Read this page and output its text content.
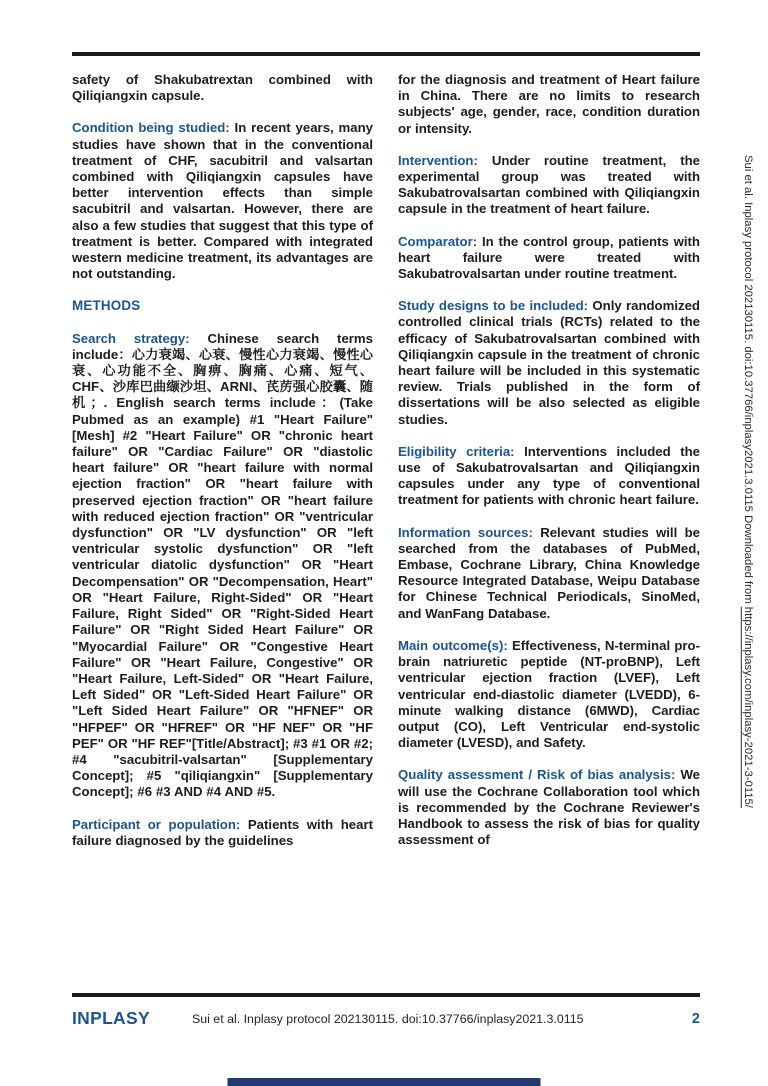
safety of Shakubatrextan combined with Qiliqiangxin capsule.

Condition being studied: In recent years, many studies have shown that in the conventional treatment of CHF, sacubitril and valsartan combined with Qiliqiangxin capsules have better intervention effects than simple sacubitril and valsartan. However, there are also a few studies that suggest that this type of treatment is better. Compared with integrated western medicine treatment, its advantages are not outstanding.

METHODS

Search strategy: Chinese search terms include：心力衰竭、心衰、慢性心力衰竭、慢性心衰、心功能不全、胸痹、胸痛、心痛、短气、CHF、沙库巴曲缬沙坦、ARNI、芪苈强心胶囊、随机；. English search terms include：(Take Pubmed as an example) #1 "Heart Failure"[Mesh] #2 "Heart Failure" OR "chronic heart failure" OR "Cardiac Failure" OR "diastolic heart failure" OR "heart failure with normal ejection fraction" OR "heart failure with preserved ejection fraction" OR "heart failure with reduced ejection fraction" OR "ventricular dysfunction" OR "LV dysfunction" OR "left ventricular systolic dysfunction" OR "left ventricular diatolic dysfunction" OR "Heart Decompensation" OR "Decompensation, Heart" OR "Heart Failure, Right-Sided" OR "Heart Failure, Right Sided" OR "Right-Sided Heart Failure" OR "Right Sided Heart Failure" OR "Myocardial Failure" OR "Congestive Heart Failure" OR "Heart Failure, Congestive" OR "Heart Failure, Left-Sided" OR "Heart Failure, Left Sided" OR "Left-Sided Heart Failure" OR "Left Sided Heart Failure" OR "HFNEF" OR "HFPEF" OR "HFREF" OR "HF NEF" OR "HF PEF" OR "HF REF"[Title/Abstract]; #3 #1 OR #2; #4 "sacubitril-valsartan" [Supplementary Concept]; #5 "qiliqiangxin" [Supplementary Concept]; #6 #3 AND #4 AND #5.

Participant or population: Patients with heart failure diagnosed by the guidelines

for the diagnosis and treatment of Heart failure in China. There are no limits to research subjects' age, gender, race, condition duration or intensity.

Intervention: Under routine treatment, the experimental group was treated with Sakubatrovalsartan combined with Qiliqiangxin capsule in the treatment of heart failure.

Comparator: In the control group, patients with heart failure were treated with Sakubatrovalsartan under routine treatment.

Study designs to be included: Only randomized controlled clinical trials (RCTs) related to the efficacy of Sakubatrovalsartan combined with Qiliqiangxin capsule in the treatment of chronic heart failure will be included in this systematic review. Trials published in the form of dissertations will be also selected as eligible studies.

Eligibility criteria: Interventions included the use of Sakubatrovalsartan and Qiliqiangxin capsules under any type of conventional treatment for patients with chronic heart failure.

Information sources: Relevant studies will be searched from the databases of PubMed, Embase, Cochrane Library, China Knowledge Resource Integrated Database, Weipu Database for Chinese Technical Periodicals, SinoMed, and WanFang Database.

Main outcome(s): Effectiveness, N-terminal pro-brain natriuretic peptide (NT-proBNP), Left ventricular ejection fraction (LVEF), Left ventricular end-diastolic diameter (LVEDD), 6-minute walking distance (6MWD), Cardiac output (CO), Left Ventricular end-systolic diameter (LVESD), and Safety.

Quality assessment / Risk of bias analysis: We will use the Cochrane Collaboration tool which is recommended by the Cochrane Reviewer's Handbook to assess the risk of bias for quality assessment of

Sui et al. Inplasy protocol 202130115. doi:10.37766/inplasy2021.3.0115 Downloaded from https://inplasy.com/inplasy-2021-3-0115/
INPLASY	Sui et al. Inplasy protocol 202130115. doi:10.37766/inplasy2021.3.0115	2
